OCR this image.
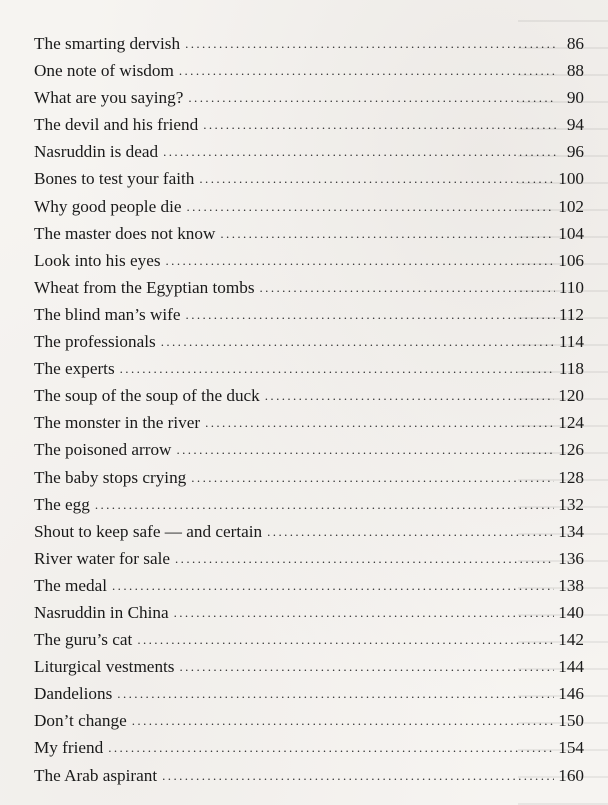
The smarting dervish .....	86
One note of wisdom .....	88
What are you saying? .....	90
The devil and his friend .....	94
Nasruddin is dead .....	96
Bones to test your faith .....	100
Why good people die .....	102
The master does not know .....	104
Look into his eyes .....	106
Wheat from the Egyptian tombs .....	110
The blind man’s wife .....	112
The professionals .....	114
The experts .....	118
The soup of the soup of the duck .....	120
The monster in the river .....	124
The poisoned arrow .....	126
The baby stops crying .....	128
The egg .....	132
Shout to keep safe — and certain .....	134
River water for sale .....	136
The medal .....	138
Nasruddin in China .....	140
The guru’s cat .....	142
Liturgical vestments .....	144
Dandelions .....	146
Don’t change .....	150
My friend .....	154
The Arab aspirant .....	160
